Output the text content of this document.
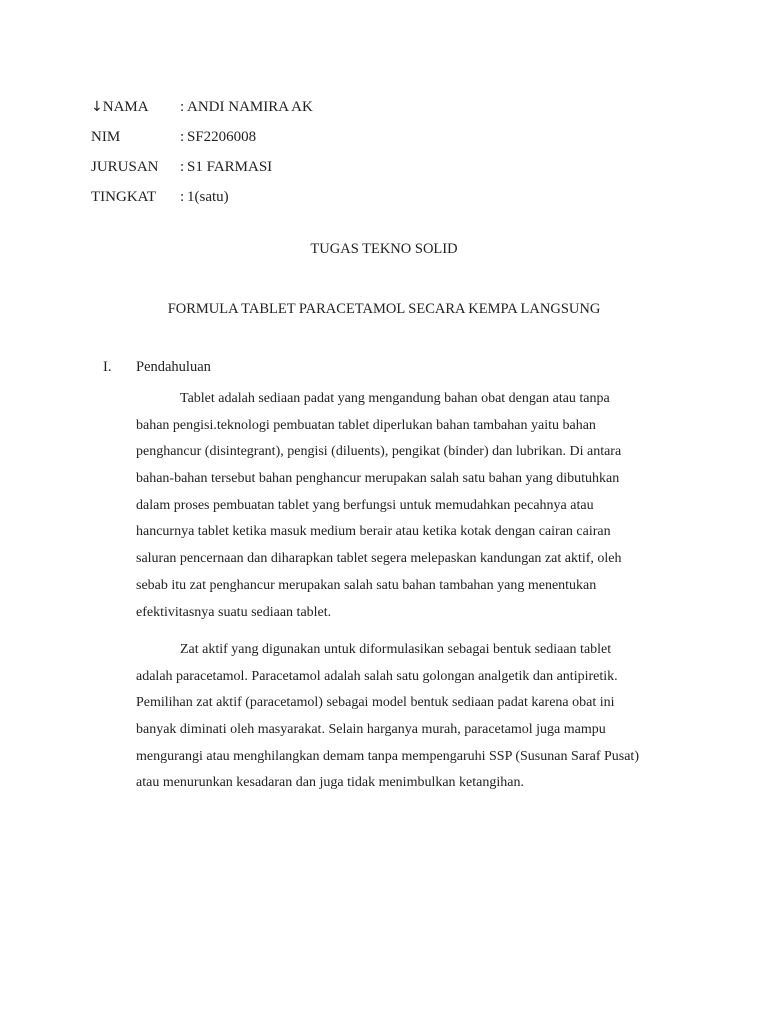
↓NAMA	: ANDI NAMIRA AK
NIM	: SF2206008
JURUSAN	: S1 FARMASI
TINGKAT	: 1(satu)
TUGAS TEKNO SOLID
FORMULA TABLET PARACETAMOL SECARA KEMPA LANGSUNG
I.	Pendahuluan
Tablet adalah sediaan padat yang mengandung bahan obat dengan atau tanpa
bahan pengisi.teknologi pembuatan tablet diperlukan bahan tambahan yaitu bahan
penghancur (disintegrant), pengisi (diluents), pengikat (binder) dan lubrikan. Di antara
bahan-bahan tersebut bahan penghancur merupakan salah satu bahan yang dibutuhkan
dalam proses pembuatan tablet yang berfungsi untuk memudahkan pecahnya atau
hancurnya tablet ketika masuk medium berair atau ketika kotak dengan cairan cairan
saluran pencernaan dan diharapkan tablet segera melepaskan kandungan zat aktif, oleh
sebab itu zat penghancur merupakan salah satu bahan tambahan yang menentukan
efektivitasnya suatu sediaan tablet.
Zat aktif yang digunakan untuk diformulasikan sebagai bentuk sediaan tablet
adalah paracetamol. Paracetamol adalah salah satu golongan analgetik dan antipiretik.
Pemilihan zat aktif (paracetamol) sebagai model bentuk sediaan padat karena obat ini
banyak diminati oleh masyarakat. Selain harganya murah, paracetamol juga mampu
mengurangi atau menghilangkan demam tanpa mempengaruhi SSP (Susunan Saraf Pusat)
atau menurunkan kesadaran dan juga tidak menimbulkan ketangihan.
